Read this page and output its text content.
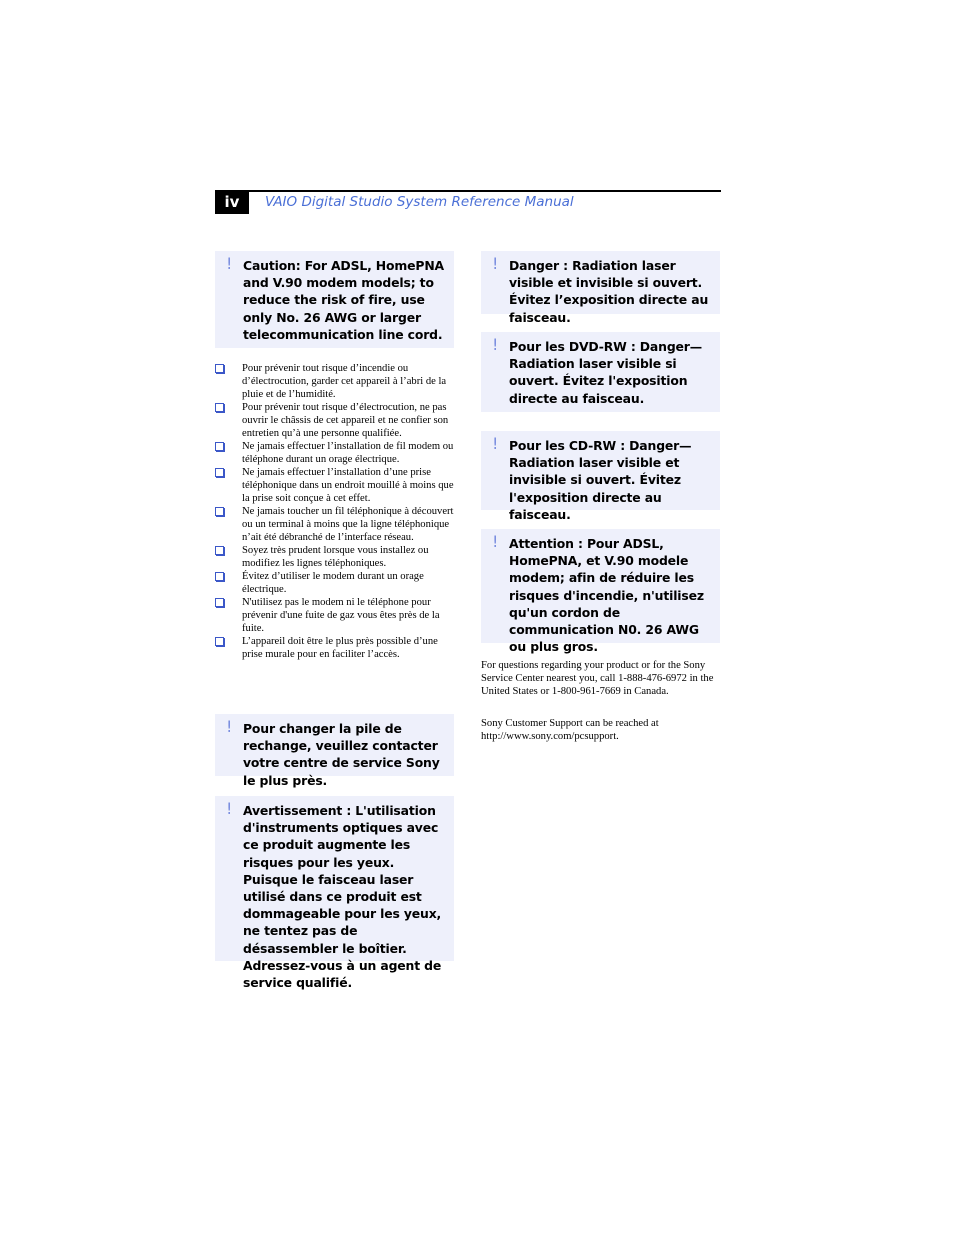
iv	VAIO Digital Studio System Reference Manual
! Caution: For ADSL, HomePNA and V.90 modem models; to reduce the risk of fire, use only No. 26 AWG or larger telecommunication line cord.
Pour prévenir tout risque d’incendie ou d’électrocution, garder cet appareil à l’abri de la pluie et de l’humidité.
Pour prévenir tout risque d’électrocution, ne pas ouvrir le châssis de cet appareil et ne confier son entretien qu’à une personne qualifiée.
Ne jamais effectuer l’installation de fil modem ou téléphone durant un orage électrique.
Ne jamais effectuer l’installation d’une prise téléphonique dans un endroit mouillé à moins que la prise soit conçue à cet effet.
Ne jamais toucher un fil téléphonique à découvert ou un terminal à moins que la ligne téléphonique n’ait été débranché de l’interface réseau.
Soyez très prudent lorsque vous installez ou modifiez les lignes téléphoniques.
Évitez d’utiliser le modem durant un orage électrique.
N'utilisez pas le modem ni le téléphone pour prévenir d'une fuite de gaz vous êtes près de la fuite.
L’appareil doit être le plus près possible d’une prise murale pour en faciliter l’accès.
! Pour changer la pile de rechange, veuillez contacter votre centre de service Sony le plus près.
! Avertissement : L'utilisation d'instruments optiques avec ce produit augmente les risques pour les yeux. Puisque le faisceau laser utilisé dans ce produit est dommageable pour les yeux, ne tentez pas de désassembler le boîtier. Adressez-vous à un agent de service qualifié.
! Danger : Radiation laser visible et invisible si ouvert. Évitez l’exposition directe au faisceau.
! Pour les DVD-RW : Danger— Radiation laser visible si ouvert. Évitez l'exposition directe au faisceau.
! Pour les CD-RW : Danger— Radiation laser visible et invisible si ouvert. Évitez l'exposition directe au faisceau.
! Attention : Pour ADSL, HomePNA, et V.90 modele modem; afin de réduire les risques d'incendie, n'utilisez qu'un cordon de communication N0. 26 AWG ou plus gros.

For questions regarding your product or for the Sony Service Center nearest you, call 1-888-476-6972 in the United States or 1-800-961-7669 in Canada.

Sony Customer Support can be reached at http://www.sony.com/pcsupport.
